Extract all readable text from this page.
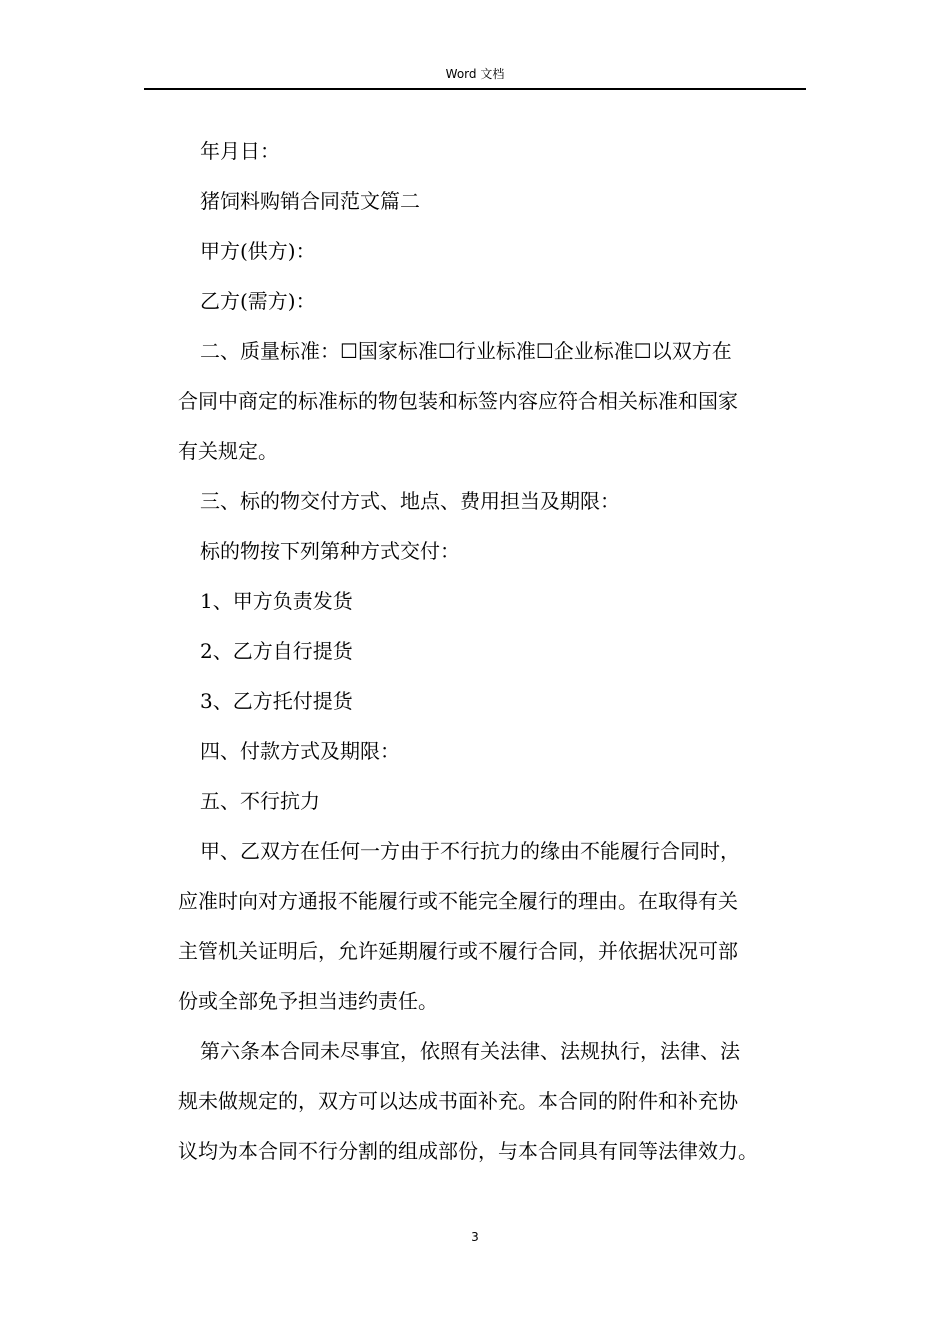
Word 文档

年月日：

猪饲料购销合同范文篇二

甲方(供方)：

乙方(需方)：

二、质量标准：☐国家标准☐行业标准☐企业标准☐以双方在
合同中商定的标准标的物包装和标签内容应符合相关标准和国家
有关规定。

三、标的物交付方式、地点、费用担当及期限：

标的物按下列第种方式交付：

1、甲方负责发货

2、乙方自行提货

3、乙方托付提货

四、付款方式及期限：

五、不行抗力

甲、乙双方在任何一方由于不行抗力的缘由不能履行合同时，
应准时向对方通报不能履行或不能完全履行的理由。在取得有关
主管机关证明后，允许延期履行或不履行合同，并依据状况可部
份或全部免予担当违约责任。

第六条本合同未尽事宜，依照有关法律、法规执行，法律、法
规未做规定的，双方可以达成书面补充。本合同的附件和补充协
议均为本合同不行分割的组成部份，与本合同具有同等法律效力。

3
